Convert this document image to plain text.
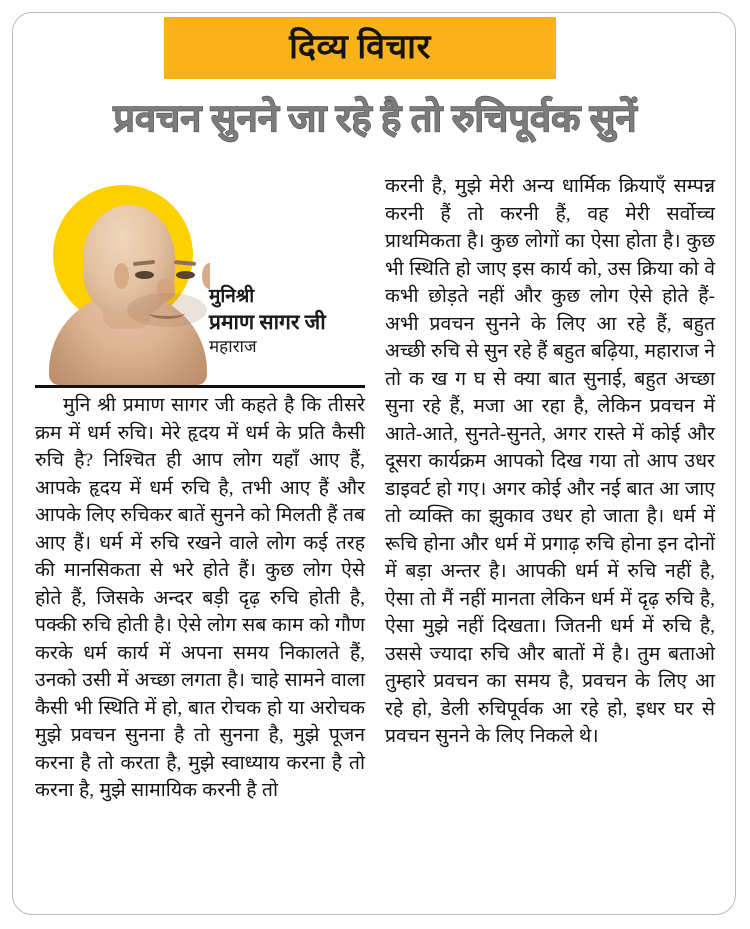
दिव्य विचार
प्रवचन सुनने जा रहे है तो रुचिपूर्वक सुनें
मुनिश्री
प्रमाण सागर जी
महाराज

मुनि श्री प्रमाण सागर जी कहते है कि तीसरे क्रम में धर्म रुचि। मेरे हृदय में धर्म के प्रति कैसी रुचि है? निश्चित ही आप लोग यहाँ आए हैं, आपके हृदय में धर्म रुचि है, तभी आए हैं और आपके लिए रुचिकर बातें सुनने को मिलती हैं तब आए हैं। धर्म में रुचि रखने वाले लोग कई तरह की मानसिकता से भरे होते हैं। कुछ लोग ऐसे होते हैं, जिसके अन्दर बड़ी दृढ़ रुचि होती है, पक्की रुचि होती है। ऐसे लोग सब काम को गौण करके धर्म कार्य में अपना समय निकालते हैं, उनको उसी में अच्छा लगता है। चाहे सामने वाला कैसी भी स्थिति में हो, बात रोचक हो या अरोचक मुझे प्रवचन सुनना है तो सुनना है, मुझे पूजन करना है तो करता है, मुझे स्वाध्याय करना है तो करना है, मुझे सामायिक करनी है तो

करनी है, मुझे मेरी अन्य धार्मिक क्रियाएँ सम्पन्न करनी हैं तो करनी हैं, वह मेरी सर्वोच्च प्राथमिकता है। कुछ लोगों का ऐसा होता है। कुछ भी स्थिति हो जाए इस कार्य को, उस क्रिया को वे कभी छोड़ते नहीं और कुछ लोग ऐसे होते हैं- अभी प्रवचन सुनने के लिए आ रहे हैं, बहुत अच्छी रुचि से सुन रहे हैं बहुत बढ़िया, महाराज ने तो क ख ग घ से क्या बात सुनाई, बहुत अच्छा सुना रहे हैं, मजा आ रहा है, लेकिन प्रवचन में आते-आते, सुनते-सुनते, अगर रास्ते में कोई और दूसरा कार्यक्रम आपको दिख गया तो आप उधर डाइवर्ट हो गए। अगर कोई और नई बात आ जाए तो व्यक्ति का झुकाव उधर हो जाता है। धर्म में रूचि होना और धर्म में प्रगाढ़ रुचि होना इन दोनों में बड़ा अन्तर है। आपकी धर्म में रुचि नहीं है, ऐसा तो मैं नहीं मानता लेकिन धर्म में दृढ़ रुचि है, ऐसा मुझे नहीं दिखता। जितनी धर्म में रुचि है, उससे ज्यादा रुचि और बातों में है। तुम बताओ तुम्हारे प्रवचन का समय है, प्रवचन के लिए आ रहे हो, डेली रुचिपूर्वक आ रहे हो, इधर घर से प्रवचन सुनने के लिए निकले थे।
